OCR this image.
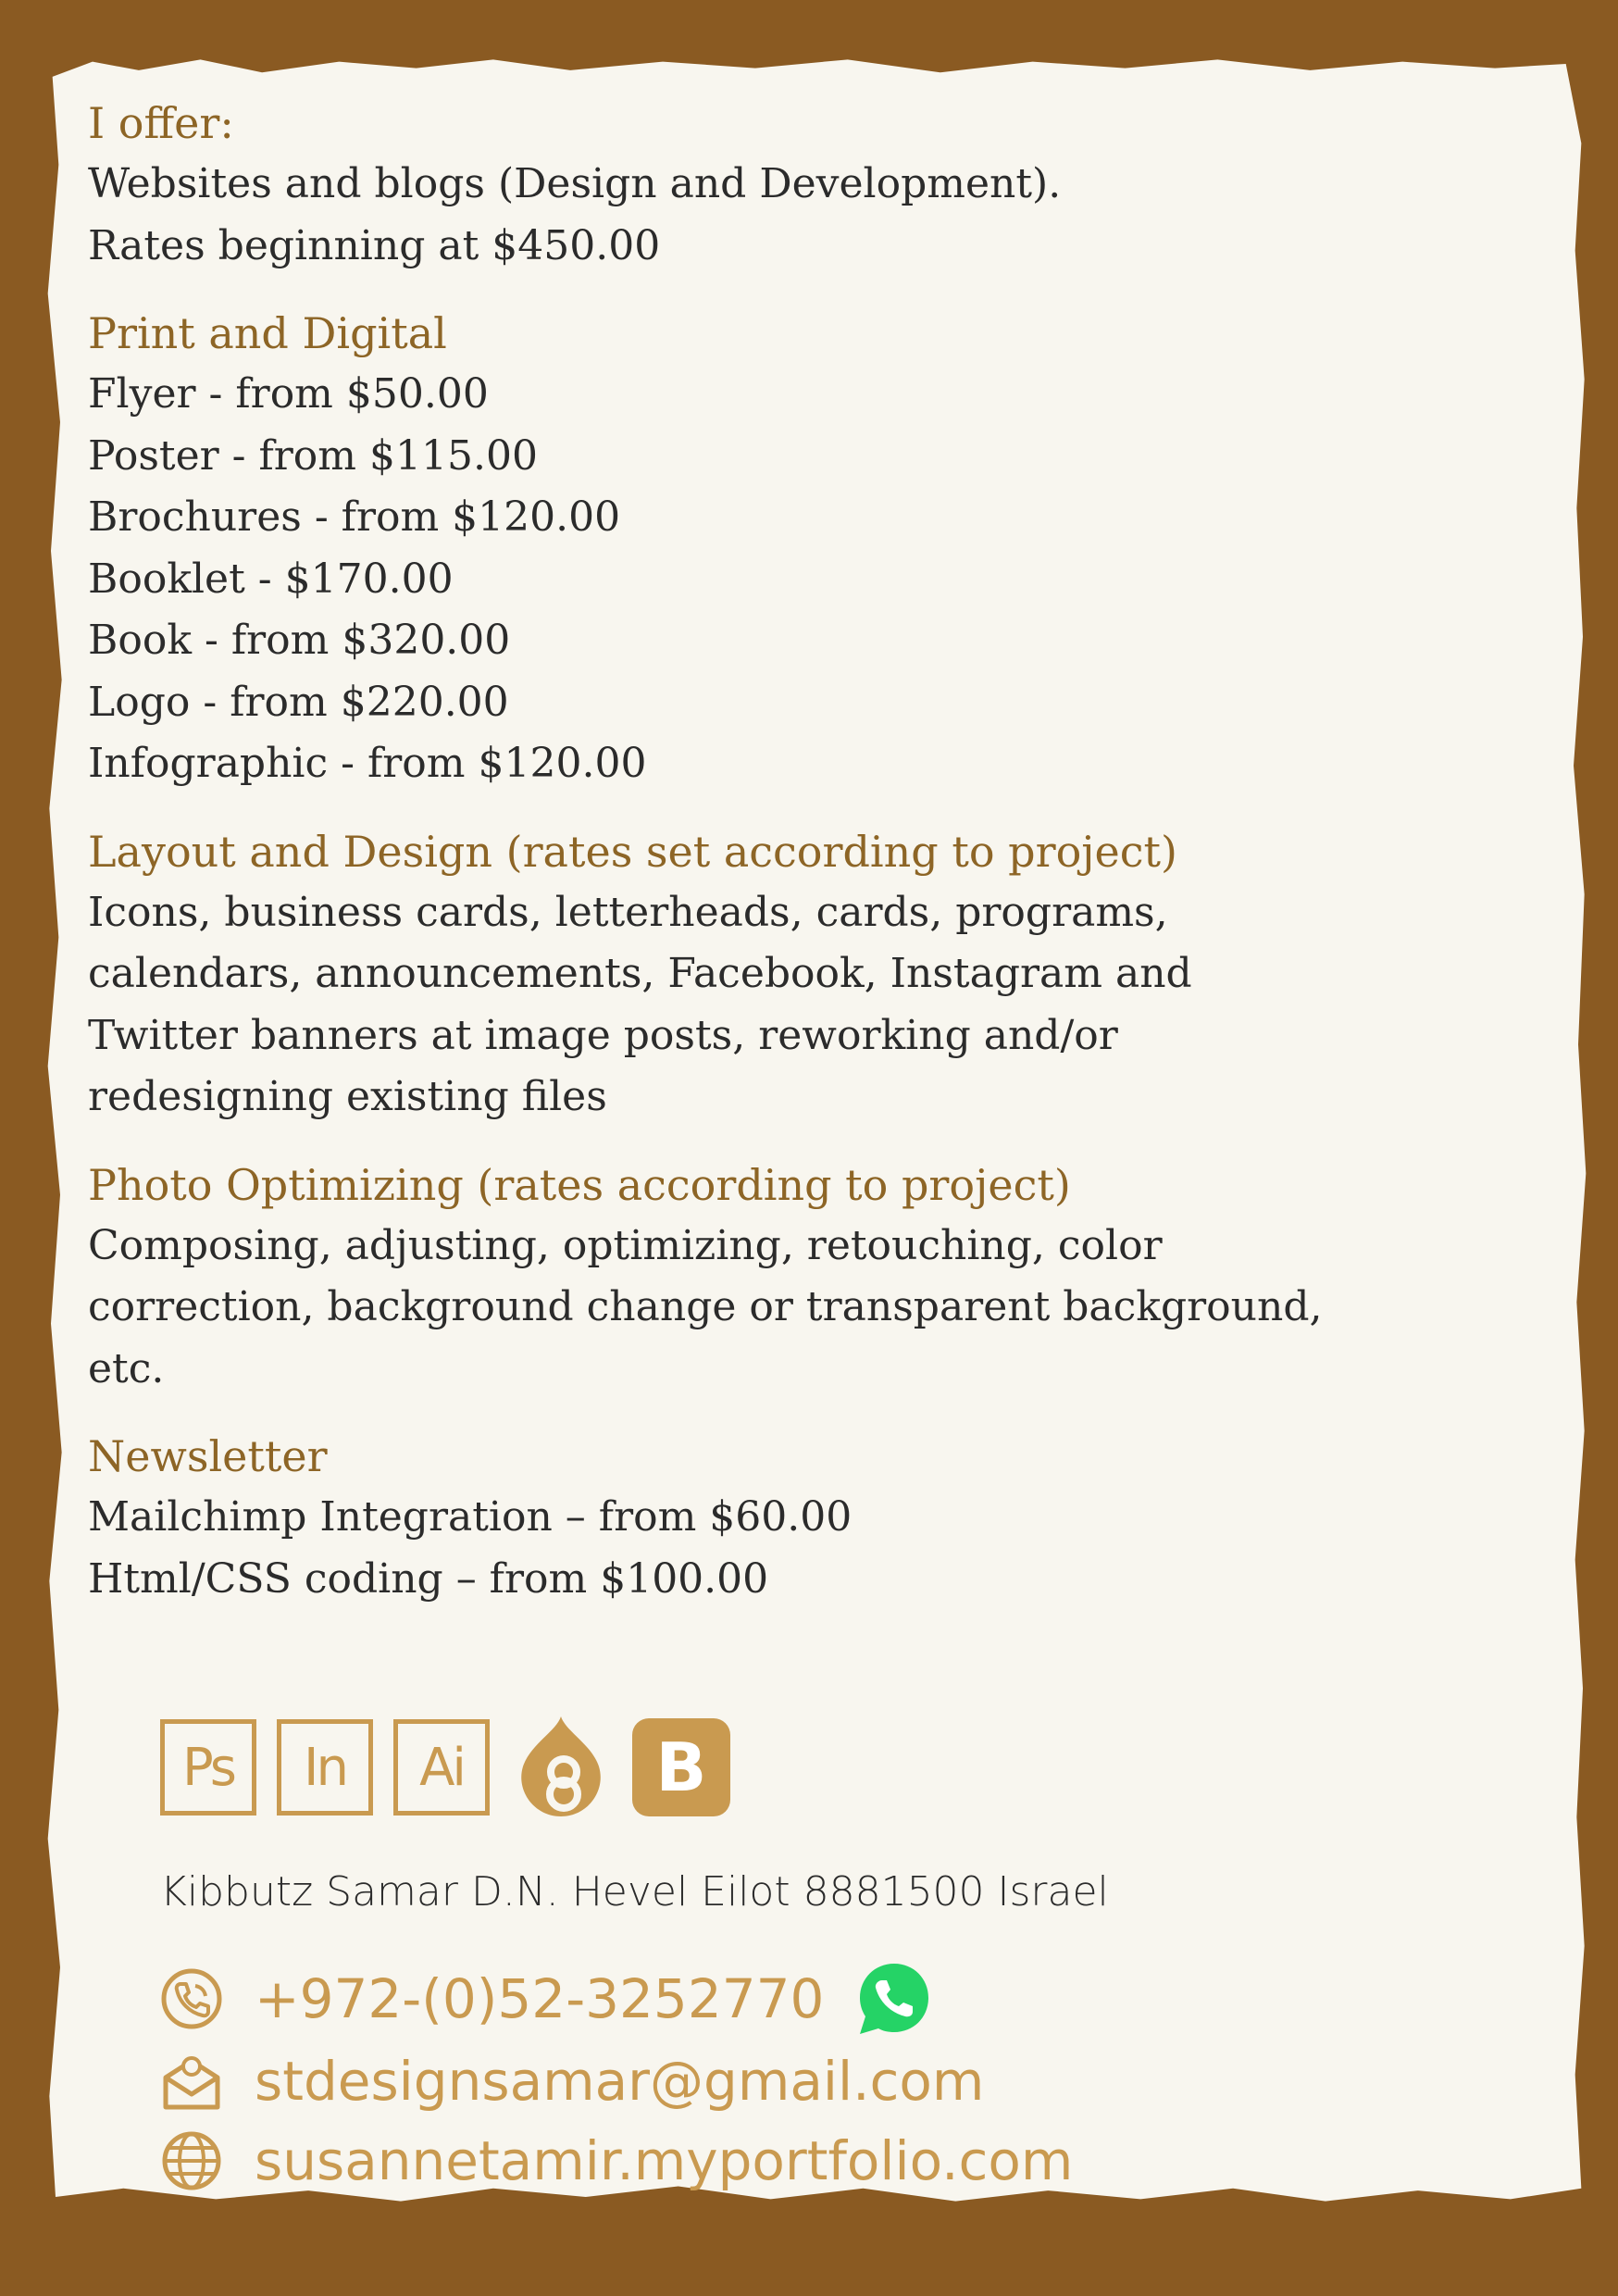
I offer:
Websites and blogs (Design and Development).
Rates beginning at $450.00
Print and Digital
Flyer - from $50.00
Poster - from $115.00
Brochures - from $120.00
Booklet - $170.00
Book - from $320.00
Logo - from $220.00
Infographic - from $120.00
Layout and Design (rates set according to project)
Icons, business cards, letterheads, cards, programs,
calendars, announcements, Facebook, Instagram and
Twitter banners at image posts, reworking and/or
redesigning existing files
Photo Optimizing (rates according to project)
Composing, adjusting, optimizing, retouching, color
correction, background change or transparent background,
etc.
Newsletter
Mailchimp Integration – from $60.00
Html/CSS coding – from $100.00
Ps	In	Ai	B
Kibbutz Samar D.N. Hevel Eilot 8881500 Israel
+972-(0)52-3252770
stdesignsamar@gmail.com
susannetamir.myportfolio.com
